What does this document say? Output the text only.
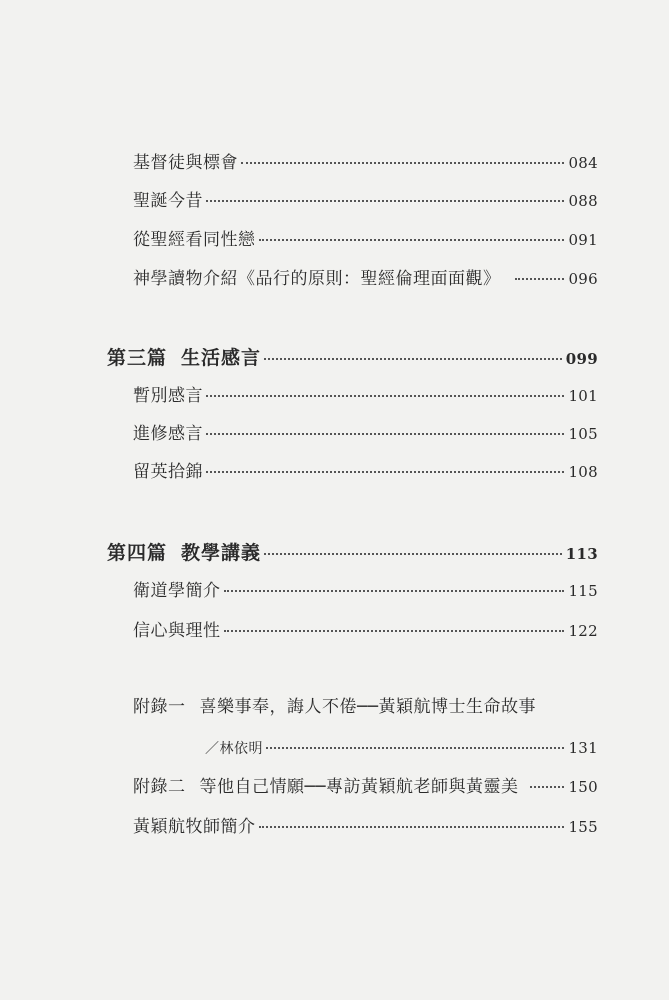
基督徒與標會	084
聖誕今昔	088
從聖經看同性戀	091
神學讀物介紹《品行的原則：聖經倫理面面觀》	096
第三篇 生活感言	099
暫別感言	101
進修感言	105
留英拾錦	108
第四篇 教學講義	113
衛道學簡介	115
信心與理性	122
附錄一 喜樂事奉，誨人不倦──黃穎航博士生命故事
／林依明	131
附錄二 等他自己情願──專訪黃穎航老師與黃靈美	150
黃穎航牧師簡介	155
